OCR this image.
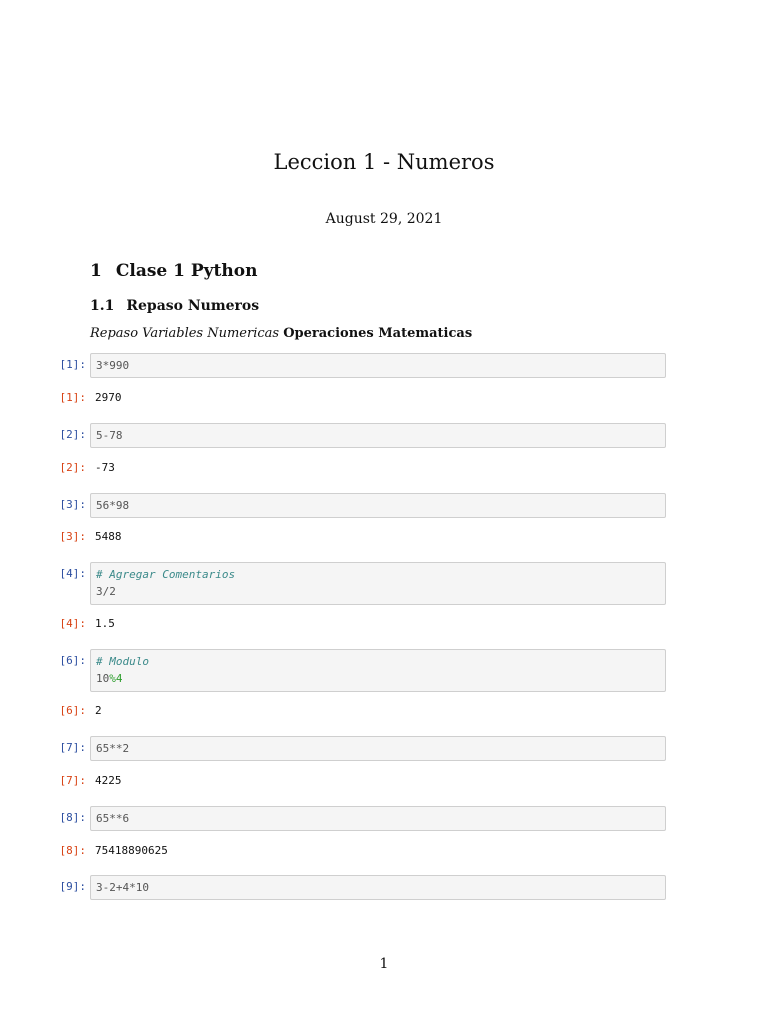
Leccion 1 - Numeros
August 29, 2021
1 Clase 1 Python
1.1 Repaso Numeros
Repaso Variables Numericas Operaciones Matematicas
[1]: 3*990
[1]: 2970
[2]: 5-78
[2]: -73
[3]: 56*98
[3]: 5488
[4]: # Agregar Comentarios
3/2
[4]: 1.5
[6]: # Modulo
10%4
[6]: 2
[7]: 65**2
[7]: 4225
[8]: 65**6
[8]: 75418890625
[9]: 3-2+4*10
1
